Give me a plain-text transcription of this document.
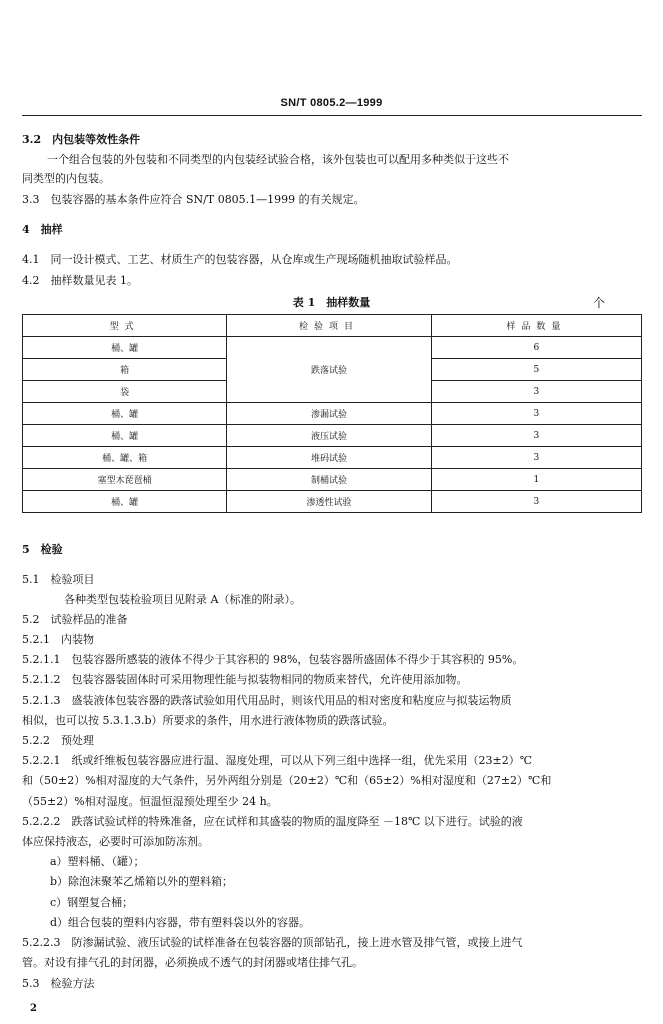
SN/T 0805.2—1999
3.2　内包装等效性条件
一个组合包装的外包装和不同类型的内包装经试验合格，该外包装也可以配用多种类似于这些不
同类型的内包装。
3.3　包装容器的基本条件应符合 SN/T 0805.1—1999 的有关规定。
4　抽样
4.1　同一设计模式、工艺、材质生产的包装容器，从仓库或生产现场随机抽取试验样品。
4.2　抽样数量见表 1。
表 1　抽样数量	个
型式	检验项目	样品数量
桶、罐	跌落试验	6
箱		5
袋		3
桶、罐	渗漏试验	3
桶、罐	液压试验	3
桶、罐、箱	堆码试验	3
塞型木琵琶桶	制桶试验	1
桶、罐	渗透性试验	3
5　检验
5.1　检验项目
各种类型包装检验项目见附录 A（标准的附录）。
5.2　试验样品的准备
5.2.1　内装物
5.2.1.1　包装容器所感装的液体不得少于其容积的 98%，包装容器所盛固体不得少于其容积的 95%。
5.2.1.2　包装容器装固体时可采用物理性能与拟装物相同的物质来替代，允许使用添加物。
5.2.1.3　盛装液体包装容器的跌落试验如用代用品时，则该代用品的相对密度和粘度应与拟装运物质
相似，也可以按 5.3.1.3.b）所要求的条件，用水进行液体物质的跌落试验。
5.2.2　预处理
5.2.2.1　纸或纤维板包装容器应进行温、湿度处理，可以从下列三组中选择一组，优先采用（23±2）℃
和（50±2）%相对湿度的大气条件，另外两组分别是（20±2）℃和（65±2）%相对湿度和（27±2）℃和
（55±2）%相对湿度。恒温恒湿预处理至少 24 h。
5.2.2.2　跌落试验试样的特殊准备，应在试样和其盛装的物质的温度降至 －18℃ 以下进行。试验的液
体应保持液态，必要时可添加防冻剂。
a）塑料桶、（罐）；
b）除泡沫聚苯乙烯箱以外的塑料箱；
c）钢塑复合桶；
d）组合包装的塑料内容器，带有塑料袋以外的容器。
5.2.2.3　防渗漏试验、液压试验的试样准备在包装容器的顶部钻孔，接上进水管及排气管，或接上进气
管。对设有排气孔的封闭器，必须换成不透气的封闭器或堵住排气孔。
5.3　检验方法
2
